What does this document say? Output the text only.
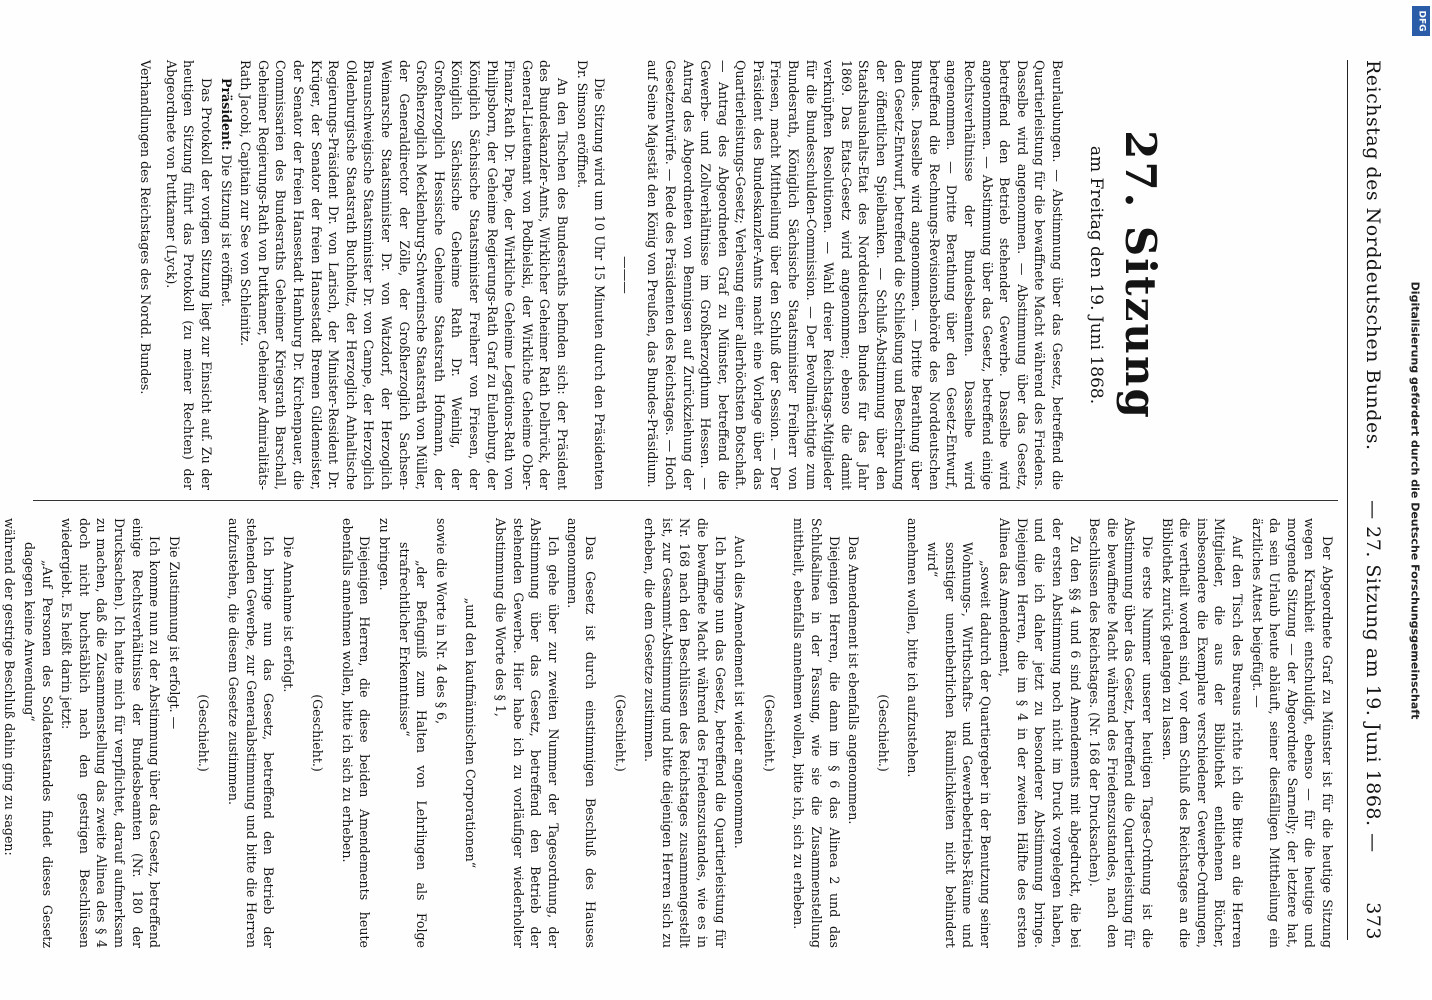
Reichstag des Norddeutschen Bundes.
— 27. Sitzung am 19. Juni 1868. —
373
27. Sitzung
am Freitag den 19. Juni 1868.

Beurlaubungen. — Abstimmung über das Gesetz, betreffend die Quartierleistung für die bewaffnete Macht während des Friedens. Dasselbe wird angenommen. — Abstimmung über das Gesetz, betreffend den Betrieb stehender Gewerbe. Dasselbe wird angenommen. — Abstimmung über das Gesetz, betreffend einige Rechtsverhältnisse der Bundesbeamten. Dasselbe wird angenommen. — Dritte Berathung über den Gesetz-Entwurf, betreffend die Rechnungs-Revisionsbehörde des Norddeutschen Bundes. Dasselbe wird angenommen. — Dritte Berathung über den Gesetz-Entwurf, betreffend die Schließung und Beschränkung der öffentlichen Spielbanken. — Schluß-Abstimmung über den Staatshaushalts-Etat des Norddeutschen Bundes für das Jahr 1869. Das Etats-Gesetz wird angenommen; ebenso die damit verknüpften Resolutionen. — Wahl dreier Reichstags-Mitglieder für die Bundesschulden-Commission. — Der Bevollmächtigte zum Bundesrath, Königlich Sächsische Staatsminister Freiherr von Friesen, macht Mittheilung über den Schluß der Session. — Der Präsident des Bundeskanzler-Amts macht eine Vorlage über das Quartierleistungs-Gesetz; Verlesung einer allerhöchsten Botschaft. — Antrag des Abgeordneten Graf zu Münster, betreffend die Gewerbe- und Zollverhältnisse im Großherzogthum Hessen. — Antrag des Abgeordneten von Bennigsen auf Zurückziehung der Gesetzentwürfe. — Rede des Präsidenten des Reichstages. — Hoch auf Seine Majestät den König von Preußen, das Bundes-Präsidium.

———

Die Sitzung wird um 10 Uhr 15 Minuten durch den Präsidenten Dr. Simson eröffnet.

An den Tischen des Bundesraths befinden sich: der Präsident des Bundeskanzler-Amts, Wirklicher Geheimer Rath Delbrück, der General-Lieutenant von Podbielski, der Wirkliche Geheime Ober-Finanz-Rath Dr. Pape, der Wirkliche Geheime Legations-Rath von Philipsborn, der Geheime Regierungs-Rath Graf zu Eulenburg, der Königlich Sächsische Staatsminister Freiherr von Friesen, der Königlich Sächsische Geheime Rath Dr. Weinlig, der Großherzoglich Hessische Geheime Staatsrath Hofmann, der Großherzoglich Mecklenburg-Schwerinsche Staatsrath von Müller, der Generaldirector der Zölle, der Großherzoglich Sachsen-Weimarsche Staatsminister Dr. von Watzdorf, der Herzoglich Braunschweigische Staatsminister Dr. von Campe, der Herzoglich Oldenburgische Staatsrath Buchholtz, der Herzoglich Anhaltische Regierungs-Präsident Dr. von Larisch, der Minister-Resident Dr. Krüger, der Senator der freien Hansestadt Bremen Gildemeister, der Senator der freien Hansestadt Hamburg Dr. Kirchenpauer, die Commissarien des Bundesraths Geheimer Kriegsrath Barschall, Geheimer Regierungs-Rath von Puttkamer, Geheimer Admiralitäts-Rath Jacobi, Capitain zur See von Schleinitz.

Präsident: Die Sitzung ist eröffnet.

Das Protokoll der vorigen Sitzung liegt zur Einsicht auf. Zu der heutigen Sitzung führt das Protokoll (zu meiner Rechten) der Abgeordnete von Puttkamer (Lyck).

Verhandlungen des Reichstages des Nordd. Bundes.

Der Abgeordnete Graf zu Münster ist für die heutige Sitzung wegen Krankheit entschuldigt, ebenso — für die heutige und morgende Sitzung — der Abgeordnete Sarnelly; der letztere hat, da sein Urlaub heute abläuft, seiner diesfälligen Mittheilung ein ärztliches Attest beigefügt. —

Auf den Tisch des Bureaus richte ich die Bitte an die Herren Mitglieder, die aus der Bibliothek entliehenen Bücher, insbesondere die Exemplare verschiedener Gewerbe-Ordnungen, die vertheilt worden sind, vor dem Schluß des Reichstages an die Bibliothek zurück gelangen zu lassen.

Die erste Nummer unserer heutigen Tages-Ordnung ist die Abstimmung über das Gesetz, betreffend die Quartierleistung für die bewaffnete Macht während des Friedenszustandes, nach den Beschlüssen des Reichstages. (Nr. 168 der Drucksachen).

Zu den §§ 4 und 6 sind Amendements mit abgedruckt, die bei der ersten Abstimmung noch nicht im Druck vorgelegen haben, und die ich daher jetzt zu besonderer Abstimmung bringe. Diejenigen Herren, die im § 4 in der zweiten Hälfte des ersten Alinea das Amendement,

„soweit dadurch der Quartiergeber in der Benutzung seiner Wohnungs-, Wirthschafts- und Gewerbebetriebs-Räume und sonstiger unentbehrlichen Räumlichkeiten nicht behindert wird“

annehmen wollen, bitte ich aufzustehen.

(Geschieht.)

Das Amendement ist ebenfalls angenommen.

Diejenigen Herren, die dann im § 6 das Alinea 2 und das Schlußalinea in der Fassung, wie sie die Zusammenstellung mittheilt, ebenfalls annehmen wollen, bitte ich, sich zu erheben.

(Geschieht.)

Auch dies Amendement ist wieder angenommen.

Ich bringe nun das Gesetz, betreffend die Quartierleistung für die bewaffnete Macht während des Friedenszustandes, wie es in Nr. 168 nach den Beschlüssen des Reichstages zusammengestellt ist, zur Gesammt-Abstimmung und bitte diejenigen Herren sich zu erheben, die dem Gesetze zustimmen.

(Geschieht.)

Das Gesetz ist durch einstimmigen Beschluß des Hauses angenommen.

Ich gehe über zur zweiten Nummer der Tagesordnung, der Abstimmung über das Gesetz, betreffend den Betrieb der stehenden Gewerbe. Hier habe ich zu vorläufiger wiederholter Abstimmung die Worte des § 1,

„und den kaufmännischen Corporationen“

sowie die Worte in Nr. 4 des § 6,

„der Befugniß zum Halten von Lehrlingen als Folge strafrechtlicher Erkenntnisse“

zu bringen.

Diejenigen Herren, die diese beiden Amendements heute ebenfalls annehmen wollen, bitte ich sich zu erheben.

(Geschieht.)

Die Annahme ist erfolgt.

Ich bringe nun das Gesetz, betreffend den Betrieb der stehenden Gewerbe, zur Generalabstimmung und bitte die Herren aufzustehen, die diesem Gesetze zustimmen.

(Geschieht.)

Die Zustimmung ist erfolgt. —

Ich komme nun zu der Abstimmung über das Gesetz, betreffend einige Rechtsverhältnisse der Bundesbeamten (Nr. 180 der Drucksachen). Ich hatte mich für verpflichtet, darauf aufmerksam zu machen, daß die Zusammenstellung das zweite Alinea des § 4 doch nicht buchstäblich nach den gestrigen Beschlüssen wiedergiebt. Es heißt darin jetzt:

„Auf Personen des Soldatenstandes findet dieses Gesetz dagegen keine Anwendung“

während der gestrige Beschluß dahin ging zu sagen:	Digitalisierung gefördert durch die Deutsche Forschungsgemeinschaft
DFG
